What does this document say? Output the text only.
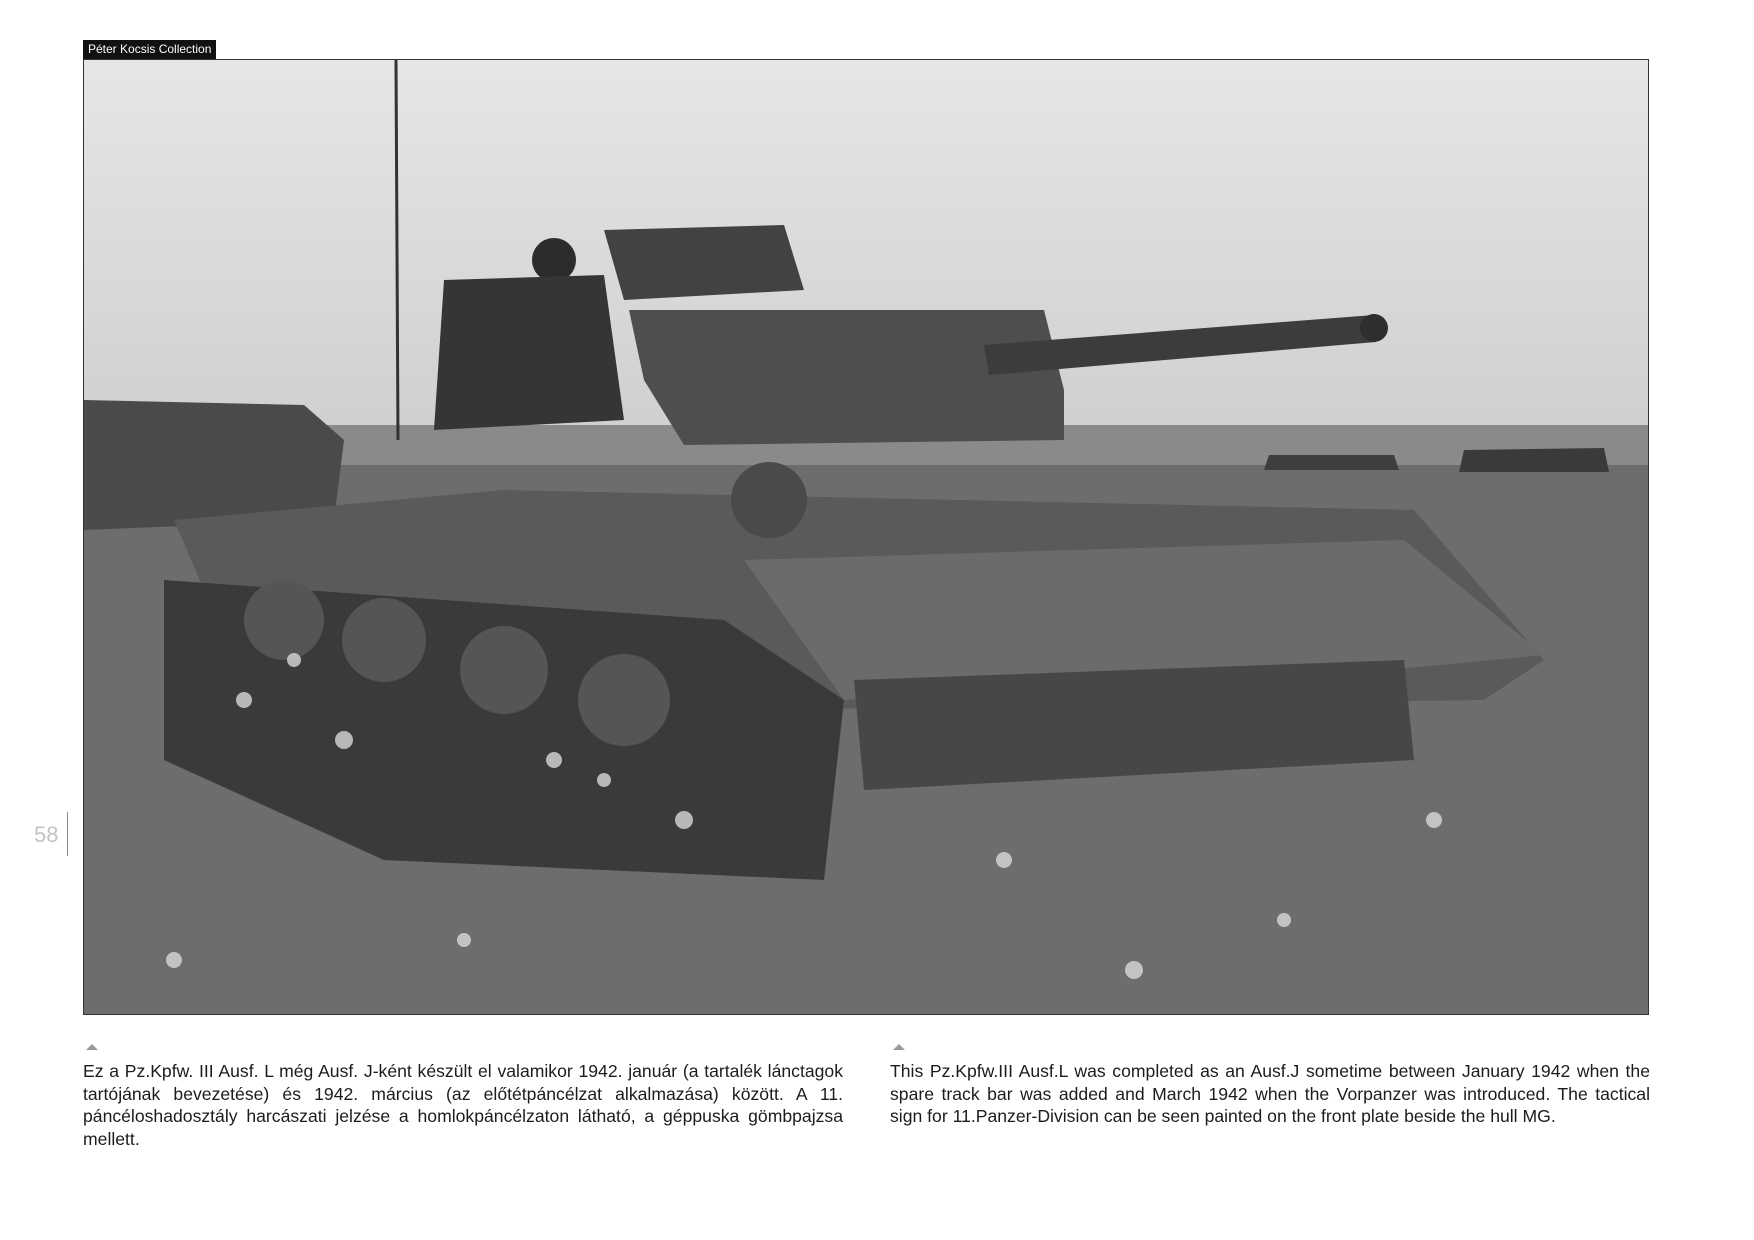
Péter Kocsis Collection
58
Ez a Pz.Kpfw. III Ausf. L még Ausf. J-ként készült el valamikor 1942. január (a tartalék lánctagok tartójának bevezetése) és 1942. március (az előtétpáncélzat alkalmazása) között. A 11. páncéloshadosztály harcászati jelzése a homlokpáncélzaton látható, a géppuska gömbpajzsa mellett.
This Pz.Kpfw.III Ausf.L was completed as an Ausf.J sometime between January 1942 when the spare track bar was added and March 1942 when the Vorpanzer was introduced. The tactical sign for 11.Panzer-Division can be seen painted on the front plate beside the hull MG.
